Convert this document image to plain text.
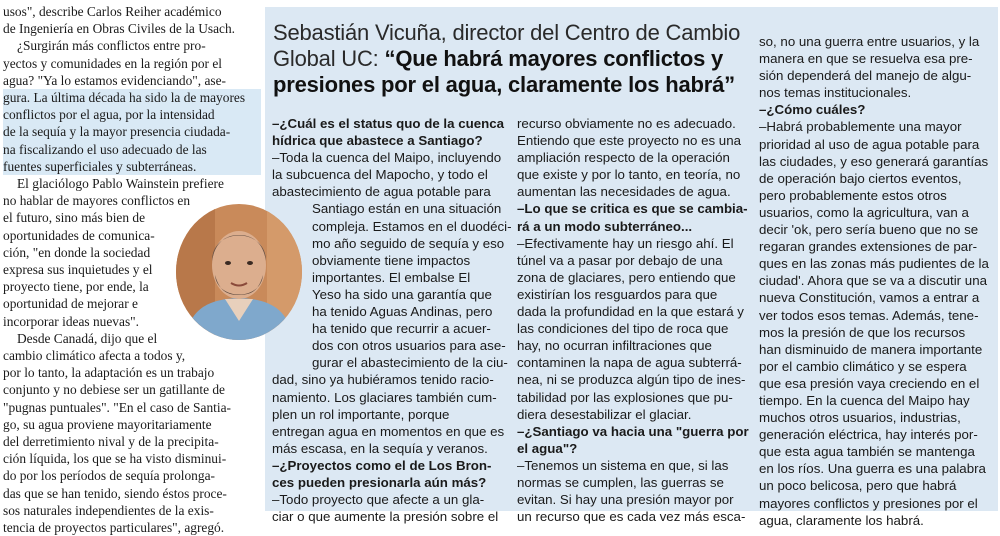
usos", describe Carlos Reiher académico
de Ingeniería en Obras Civiles de la Usach.
¿Surgirán más conflictos entre pro-
yectos y comunidades en la región por el
agua? "Ya lo estamos evidenciando", ase-
gura. La última década ha sido la de mayores
conflictos por el agua, por la intensidad
de la sequía y la mayor presencia ciudada-
na fiscalizando el uso adecuado de las
fuentes superficiales y subterráneas.
El glaciólogo Pablo Wainstein prefiere
no hablar de mayores conflictos en
el futuro, sino más bien de
oportunidades de comunica-
ción, "en donde la sociedad
expresa sus inquietudes y el
proyecto tiene, por ende, la
oportunidad de mejorar e
incorporar ideas nuevas".
Desde Canadá, dijo que el
cambio climático afecta a todos y,
por lo tanto, la adaptación es un trabajo
conjunto y no debiese ser un gatillante de
"pugnas puntuales". "En el caso de Santia-
go, su agua proviene mayoritariamente
del derretimiento nival y de la precipita-
ción líquida, los que se ha visto disminui-
do por los períodos de sequía prolonga-
das que se han tenido, siendo éstos proce-
sos naturales independientes de la exis-
tencia de proyectos particulares", agregó.
Sebastián Vicuña, director del Centro de Cambio Global UC: “Que habrá mayores conflictos y presiones por el agua, claramente los habrá”
–¿Cuál es el status quo de la cuenca
hídrica que abastece a Santiago?
–Toda la cuenca del Maipo, incluyendo
la subcuenca del Mapocho, y todo el
abastecimiento de agua potable para
Santiago están en una situación
compleja. Estamos en el duodéci-
mo año seguido de sequía y eso
obviamente tiene impactos
importantes. El embalse El
Yeso ha sido una garantía que
ha tenido Aguas Andinas, pero
ha tenido que recurrir a acuer-
dos con otros usuarios para ase-
gurar el abastecimiento de la ciu-
dad, sino ya hubiéramos tenido racio-
namiento. Los glaciares también cum-
plen un rol importante, porque
entregan agua en momentos en que es
más escasa, en la sequía y veranos.
–¿Proyectos como el de Los Bron-
ces pueden presionarla aún más?
–Todo proyecto que afecte a un gla-
ciar o que aumente la presión sobre el
recurso obviamente no es adecuado.
Entiendo que este proyecto no es una
ampliación respecto de la operación
que existe y por lo tanto, en teoría, no
aumentan las necesidades de agua.
–Lo que se critica es que se cambia-
rá a un modo subterráneo...
–Efectivamente hay un riesgo ahí. El
túnel va a pasar por debajo de una
zona de glaciares, pero entiendo que
existirían los resguardos para que
dada la profundidad en la que estará y
las condiciones del tipo de roca que
hay, no ocurran infiltraciones que
contaminen la napa de agua subterrá-
nea, ni se produzca algún tipo de ines-
tabilidad por las explosiones que pu-
diera desestabilizar el glaciar.
–¿Santiago va hacia una "guerra por
el agua"?
–Tenemos un sistema en que, si las
normas se cumplen, las guerras se
evitan. Si hay una presión mayor por
un recurso que es cada vez más esca-
so, no una guerra entre usuarios, y la
manera en que se resuelva esa pre-
sión dependerá del manejo de algu-
nos temas institucionales.
–¿Cómo cuáles?
–Habrá probablemente una mayor
prioridad al uso de agua potable para
las ciudades, y eso generará garantías
de operación bajo ciertos eventos,
pero probablemente estos otros
usuarios, como la agricultura, van a
decir 'ok, pero sería bueno que no se
regaran grandes extensiones de par-
ques en las zonas más pudientes de la
ciudad'. Ahora que se va a discutir una
nueva Constitución, vamos a entrar a
ver todos esos temas. Además, tene-
mos la presión de que los recursos
han disminuido de manera importante
por el cambio climático y se espera
que esa presión vaya creciendo en el
tiempo. En la cuenca del Maipo hay
muchos otros usuarios, industrias,
generación eléctrica, hay interés por-
que esta agua también se mantenga
en los ríos. Una guerra es una palabra
un poco belicosa, pero que habrá
mayores conflictos y presiones por el
agua, claramente los habrá.
